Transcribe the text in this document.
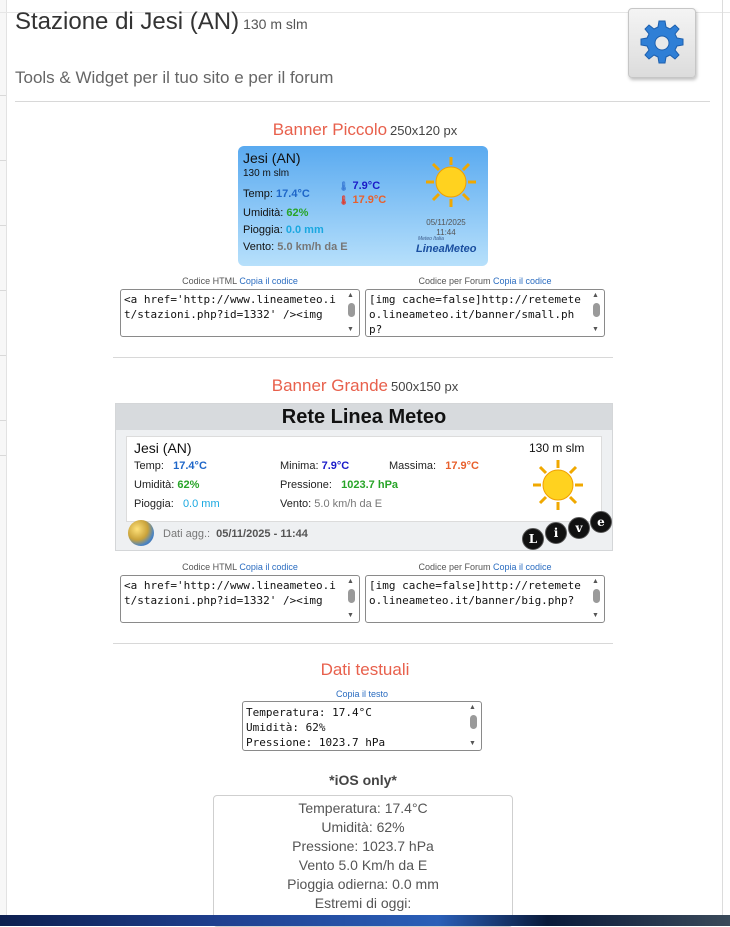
Stazione di Jesi (AN) 130 m slm
Tools & Widget per il tuo sito e per il forum
Banner Piccolo 250x120 px
Jesi (AN)
130 m slm
Temp: 17.4°C
🌡 7.9°C
🌡 17.9°C
Umidità: 62%
Pioggia: 0.0 mm
Vento: 5.0 km/h da E
05/11/2025
11:44
Meteo Italia
LineaMeteo
Codice HTML Copia il codice	Codice per Forum Copia il codice
<a href='http://www.lineameteo.it/stazioni.php?id=1332' /><img
▲
▼
[img cache=false]http://retemeteo.lineameteo.it/banner/small.php?
▲
▼
Banner Grande 500x150 px
Rete Linea Meteo
Jesi (AN)	130 m slm
Temp: 17.4°C	Minima: 7.9°C	Massima: 17.9°C
Umidità: 62%	Pressione: 1023.7 hPa
Pioggia: 0.0 mm	Vento: 5.0 km/h da E
Dati agg.: 05/11/2025 - 11:44	L	i	v	e
Codice HTML Copia il codice	Codice per Forum Copia il codice
<a href='http://www.lineameteo.it/stazioni.php?id=1332' /><img
▲
▼
[img cache=false]http://retemeteo.lineameteo.it/banner/big.php?
▲
▼
Dati testuali
Copia il testo
Temperatura: 17.4°C
Umidità: 62%
Pressione: 1023.7 hPa
▲
▼
*iOS only*
Temperatura: 17.4°C
Umidità: 62%
Pressione: 1023.7 hPa
Vento 5.0 Km/h da E
Pioggia odierna: 0.0 mm
Estremi di oggi:
